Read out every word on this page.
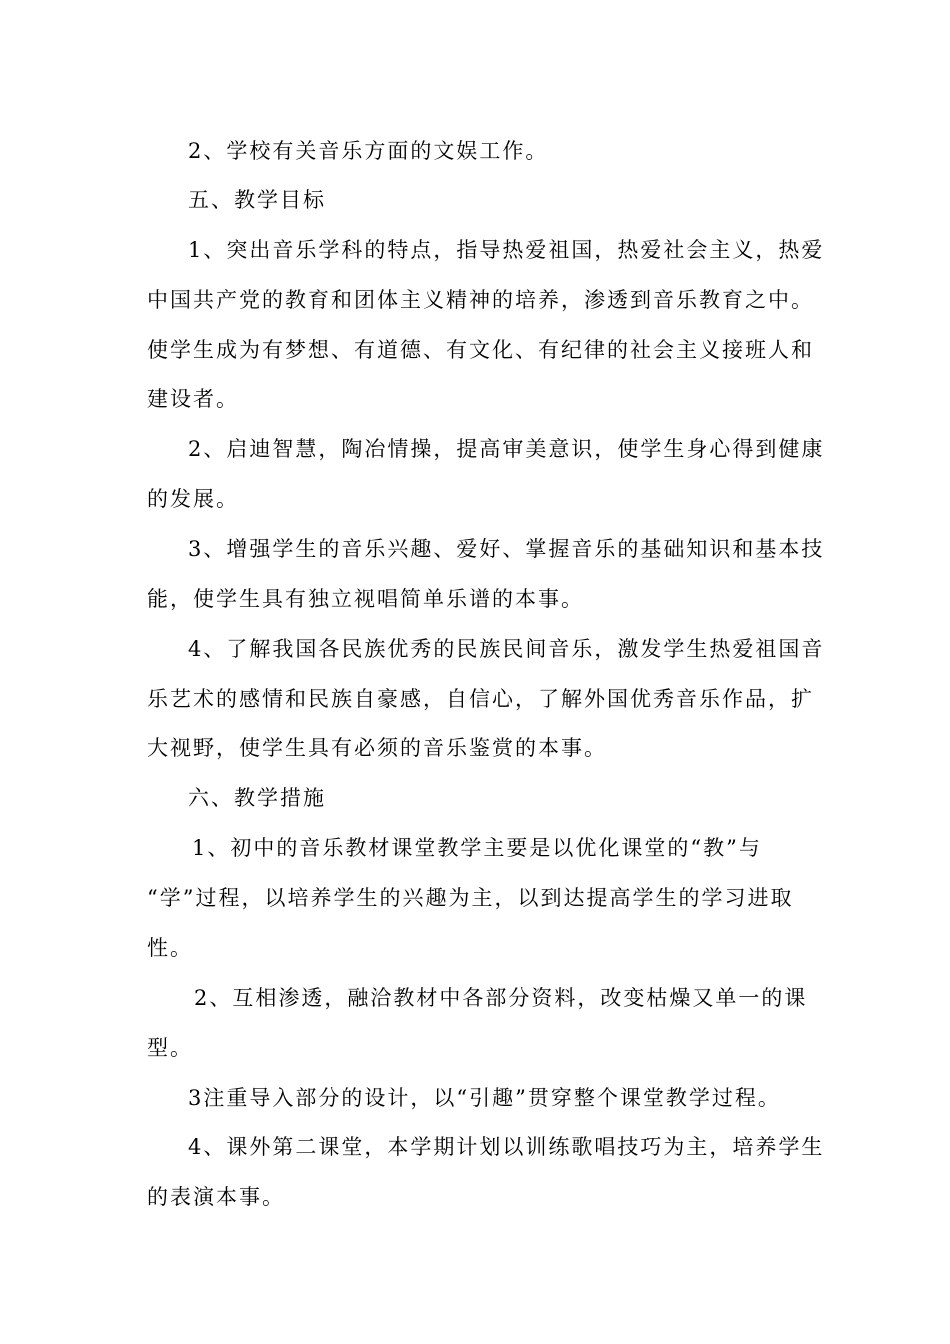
2、学校有关音乐方面的文娱工作。
五、教学目标
1、突出音乐学科的特点，指导热爱祖国，热爱社会主义，热爱
中国共产党的教育和团体主义精神的培养，渗透到音乐教育之中。
使学生成为有梦想、有道德、有文化、有纪律的社会主义接班人和
建设者。
2、启迪智慧，陶冶情操，提高审美意识，使学生身心得到健康
的发展。
3、增强学生的音乐兴趣、爱好、掌握音乐的基础知识和基本技
能，使学生具有独立视唱简单乐谱的本事。
4、了解我国各民族优秀的民族民间音乐，激发学生热爱祖国音
乐艺术的感情和民族自豪感，自信心，了解外国优秀音乐作品，扩
大视野，使学生具有必须的音乐鉴赏的本事。
六、教学措施
1、初中的音乐教材课堂教学主要是以优化课堂的“教”与
“学”过程，以培养学生的兴趣为主，以到达提高学生的学习进取
性。
2、互相渗透，融洽教材中各部分资料，改变枯燥又单一的课
型。
3注重导入部分的设计，以“引趣”贯穿整个课堂教学过程。
4、课外第二课堂，本学期计划以训练歌唱技巧为主，培养学生
的表演本事。
